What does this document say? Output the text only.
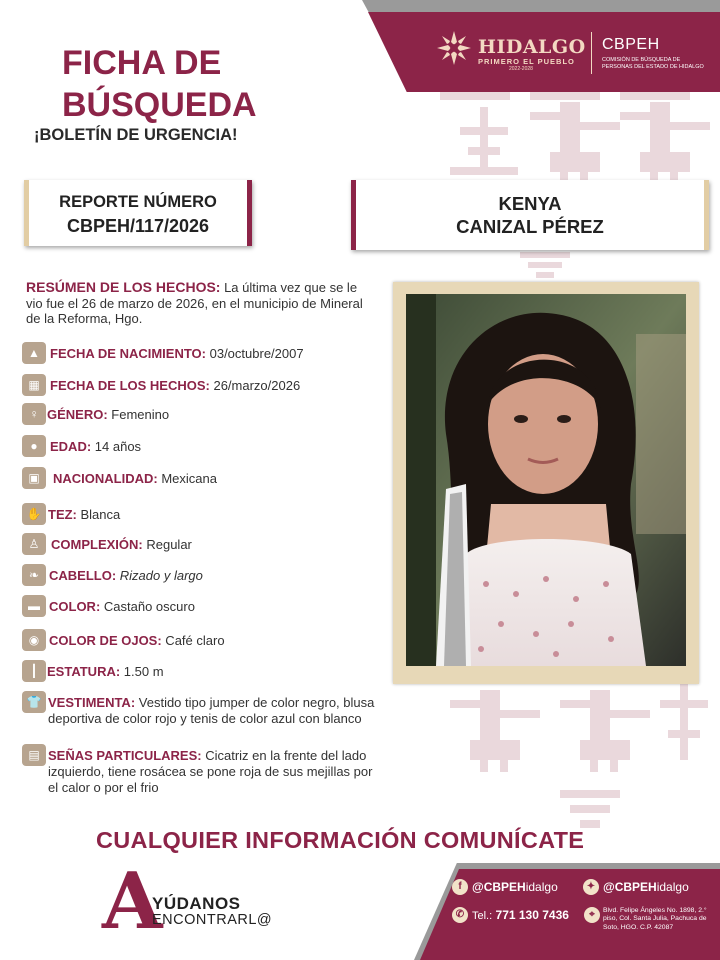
HIDALGO
PRIMERO EL PUEBLO
2022-2028
CBPEH
COMISIÓN DE BÚSQUEDA DE PERSONAS DEL ESTADO DE HIDALGO
FICHA DE
BÚSQUEDA
¡BOLETÍN DE URGENCIA!
REPORTE NÚMERO
CBPEH/117/2026
KENYA
CANIZAL PÉREZ
RESÚMEN DE LOS HECHOS: La última vez que se le vio fue el 26 de marzo de 2026, en el municipio de Mineral de la Reforma, Hgo.
▲ FECHA DE NACIMIENTO: 03/octubre/2007
▦ FECHA DE LOS HECHOS: 26/marzo/2026
♀ GÉNERO: Femenino
● EDAD: 14 años
▣	NACIONALIDAD: Mexicana
✋ TEZ: Blanca
♙ COMPLEXIÓN: Regular
❧ CABELLO: Rizado y largo
▬ COLOR: Castaño oscuro
◉ COLOR DE OJOS: Café claro
┃ ESTATURA: 1.50 m
👕 VESTIMENTA: Vestido tipo jumper de color negro, blusa deportiva de color rojo y tenis de color azul con blanco
▤ SEÑAS PARTICULARES: Cicatriz en la frente del lado izquierdo, tiene rosácea se pone roja de sus mejillas por el calor o por el frio
CUALQUIER INFORMACIÓN COMUNÍCATE
A
YÚDANOS
ENCONTRARL@
f @CBPEHidalgo	✦ @CBPEHidalgo
✆ Tel.: 771 130 7436	⌖	Blvd. Felipe Ángeles No. 1898, 2.° piso, Col. Santa Julia, Pachuca de Soto, HGO. C.P. 42087
